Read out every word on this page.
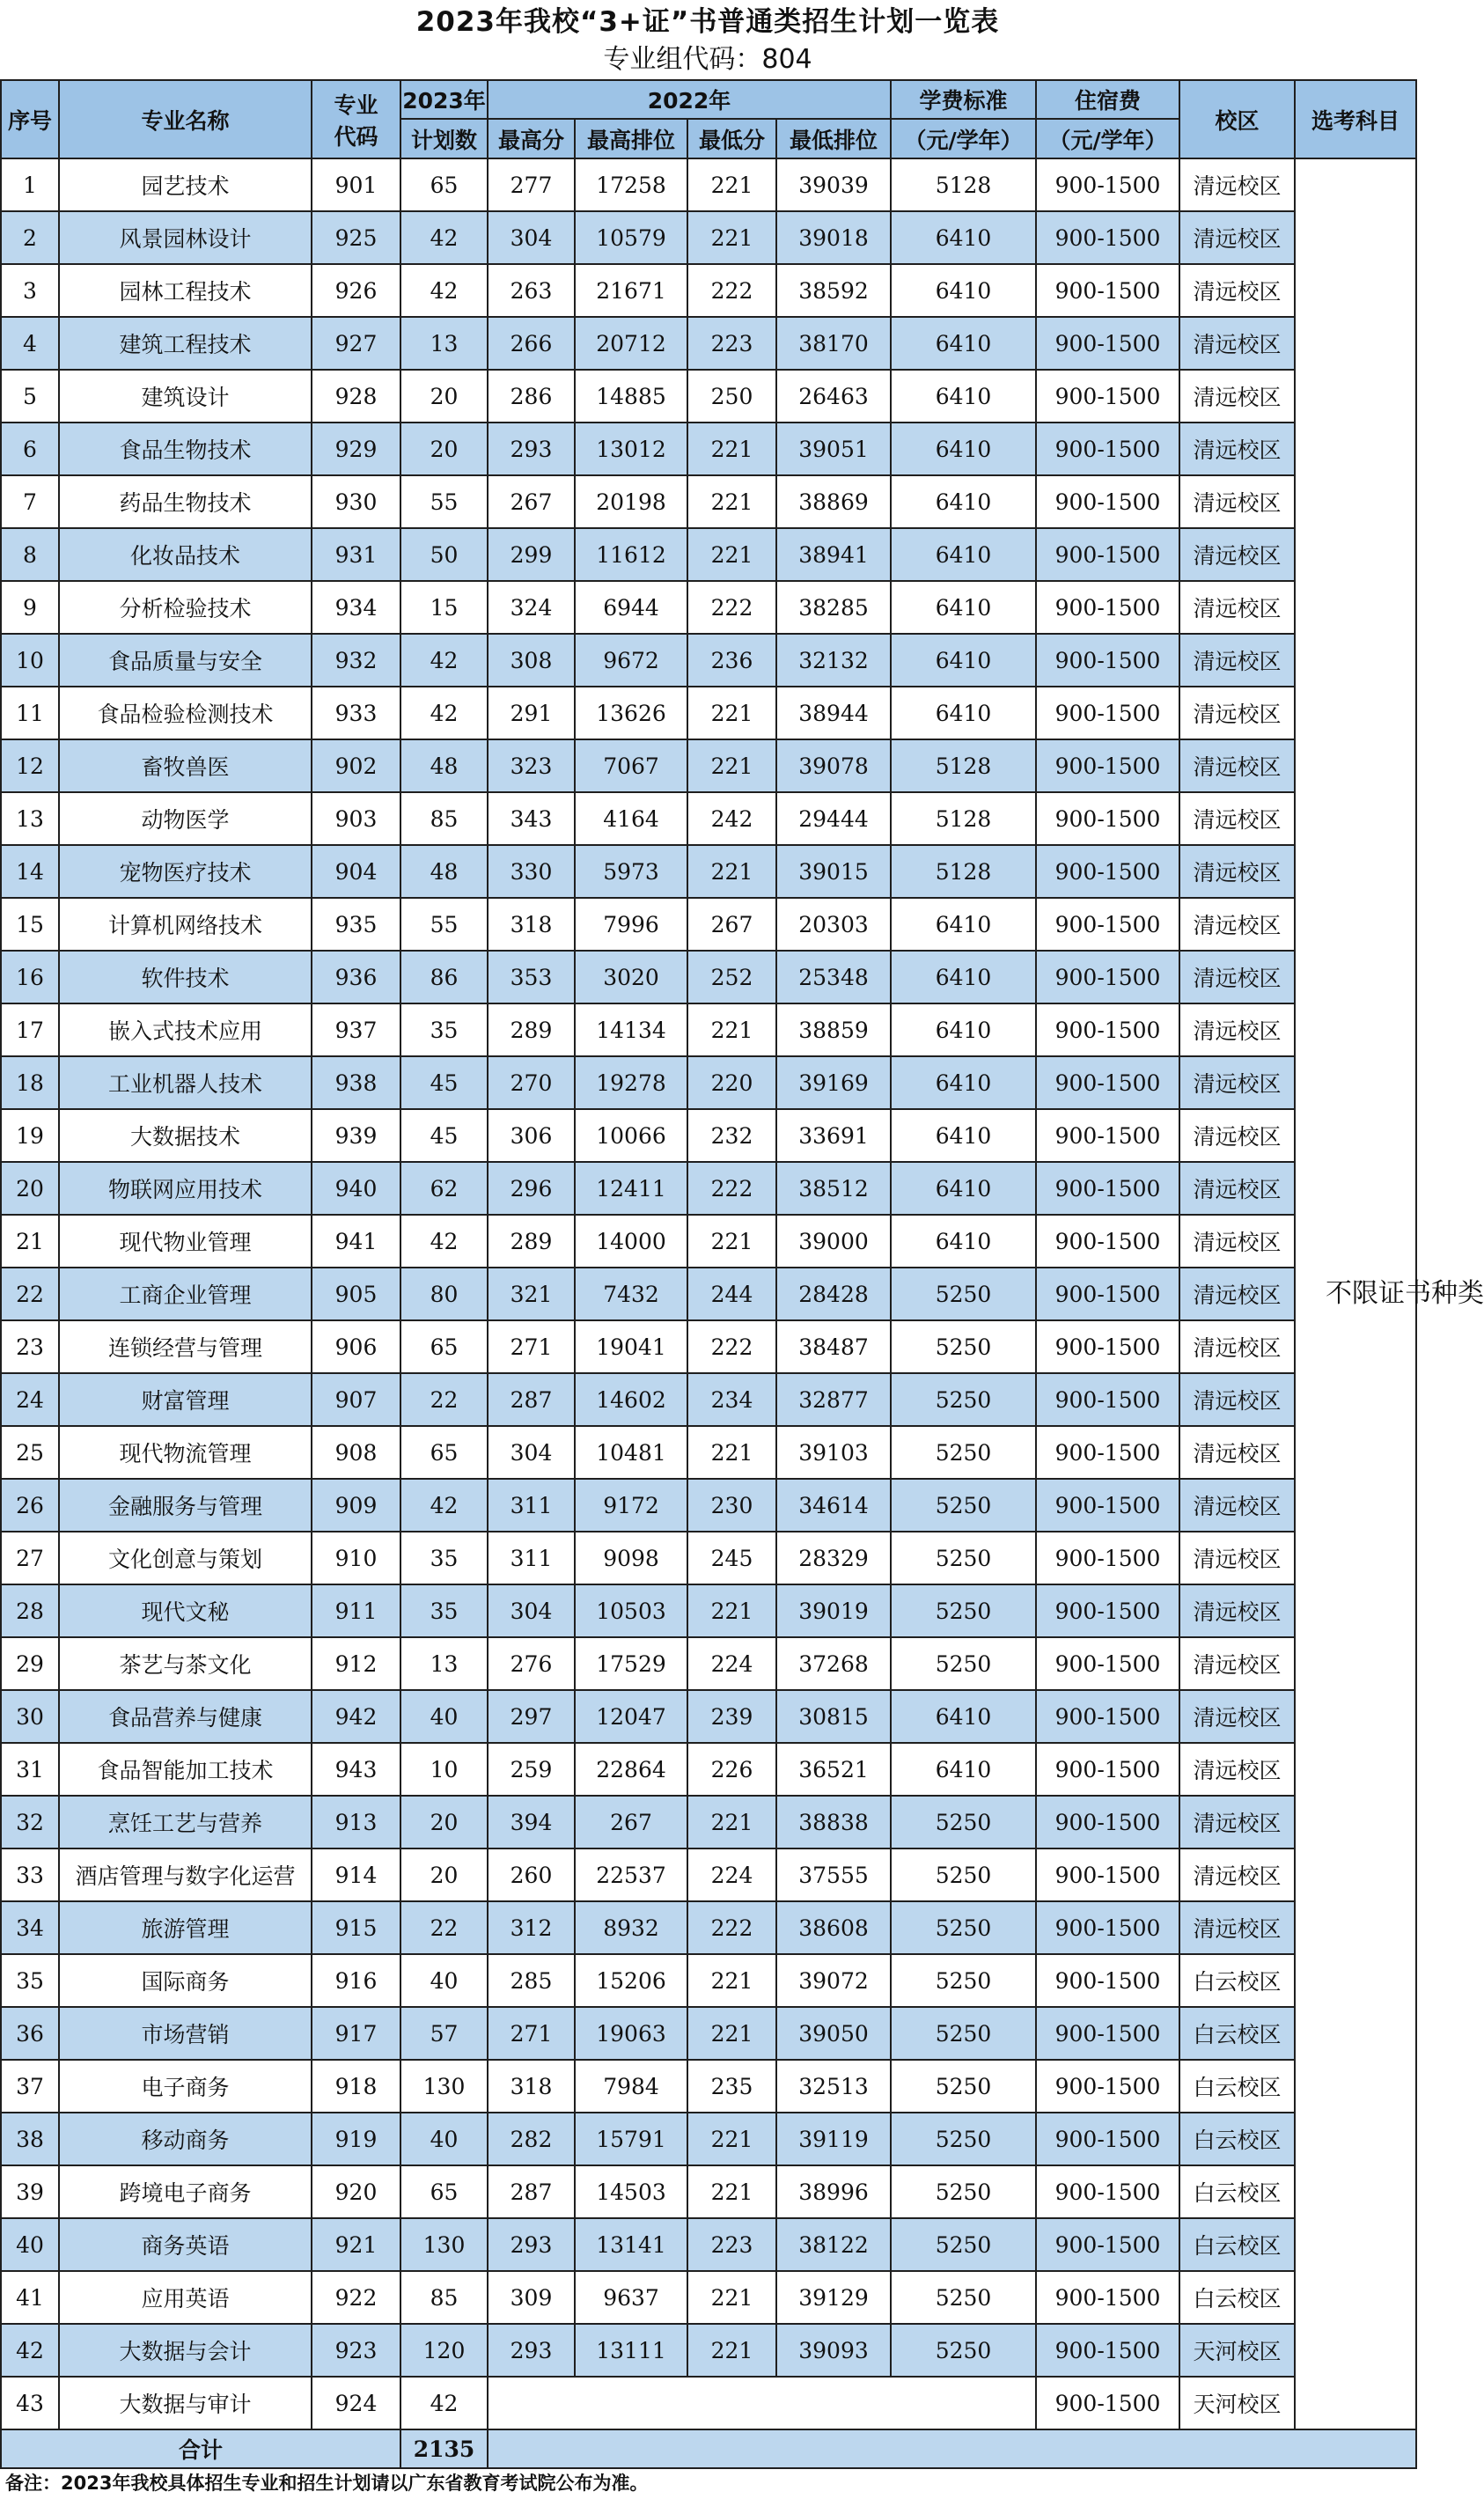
2023年我校“3+证”书普通类招生计划一览表
专业组代码：804
序号	专业名称	专业
代码	2023年	2022年				学费标准	住宿费	校区	选考科目
			计划数	最高分	最高排位	最低分	最低排位	（元/学年）	（元/学年）		
1	园艺技术	901	65	277	17258	221	39039	5128	900-1500	清远校区	不限证书种类
2	风景园林设计	925	42	304	10579	221	39018	6410	900-1500	清远校区	
3	园林工程技术	926	42	263	21671	222	38592	6410	900-1500	清远校区	
4	建筑工程技术	927	13	266	20712	223	38170	6410	900-1500	清远校区	
5	建筑设计	928	20	286	14885	250	26463	6410	900-1500	清远校区	
6	食品生物技术	929	20	293	13012	221	39051	6410	900-1500	清远校区	
7	药品生物技术	930	55	267	20198	221	38869	6410	900-1500	清远校区	
8	化妆品技术	931	50	299	11612	221	38941	6410	900-1500	清远校区	
9	分析检验技术	934	15	324	6944	222	38285	6410	900-1500	清远校区	
10	食品质量与安全	932	42	308	9672	236	32132	6410	900-1500	清远校区	
11	食品检验检测技术	933	42	291	13626	221	38944	6410	900-1500	清远校区	
12	畜牧兽医	902	48	323	7067	221	39078	5128	900-1500	清远校区	
13	动物医学	903	85	343	4164	242	29444	5128	900-1500	清远校区	
14	宠物医疗技术	904	48	330	5973	221	39015	5128	900-1500	清远校区	
15	计算机网络技术	935	55	318	7996	267	20303	6410	900-1500	清远校区	
16	软件技术	936	86	353	3020	252	25348	6410	900-1500	清远校区	
17	嵌入式技术应用	937	35	289	14134	221	38859	6410	900-1500	清远校区	
18	工业机器人技术	938	45	270	19278	220	39169	6410	900-1500	清远校区	
19	大数据技术	939	45	306	10066	232	33691	6410	900-1500	清远校区	
20	物联网应用技术	940	62	296	12411	222	38512	6410	900-1500	清远校区	
21	现代物业管理	941	42	289	14000	221	39000	6410	900-1500	清远校区	
22	工商企业管理	905	80	321	7432	244	28428	5250	900-1500	清远校区	
23	连锁经营与管理	906	65	271	19041	222	38487	5250	900-1500	清远校区	
24	财富管理	907	22	287	14602	234	32877	5250	900-1500	清远校区	
25	现代物流管理	908	65	304	10481	221	39103	5250	900-1500	清远校区	
26	金融服务与管理	909	42	311	9172	230	34614	5250	900-1500	清远校区	
27	文化创意与策划	910	35	311	9098	245	28329	5250	900-1500	清远校区	
28	现代文秘	911	35	304	10503	221	39019	5250	900-1500	清远校区	
29	茶艺与茶文化	912	13	276	17529	224	37268	5250	900-1500	清远校区	
30	食品营养与健康	942	40	297	12047	239	30815	6410	900-1500	清远校区	
31	食品智能加工技术	943	10	259	22864	226	36521	6410	900-1500	清远校区	
32	烹饪工艺与营养	913	20	394	267	221	38838	5250	900-1500	清远校区	
33	酒店管理与数字化运营	914	20	260	22537	224	37555	5250	900-1500	清远校区	
34	旅游管理	915	22	312	8932	222	38608	5250	900-1500	清远校区	
35	国际商务	916	40	285	15206	221	39072	5250	900-1500	白云校区	
36	市场营销	917	57	271	19063	221	39050	5250	900-1500	白云校区	
37	电子商务	918	130	318	7984	235	32513	5250	900-1500	白云校区	
38	移动商务	919	40	282	15791	221	39119	5250	900-1500	白云校区	
39	跨境电子商务	920	65	287	14503	221	38996	5250	900-1500	白云校区	
40	商务英语	921	130	293	13141	223	38122	5250	900-1500	白云校区	
41	应用英语	922	85	309	9637	221	39129	5250	900-1500	白云校区	
42	大数据与会计	923	120	293	13111	221	39093	5250	900-1500	天河校区	
43	大数据与审计	924	42						900-1500	天河校区	
合计			2135								
备注：2023年我校具体招生专业和招生计划请以广东省教育考试院公布为准。
